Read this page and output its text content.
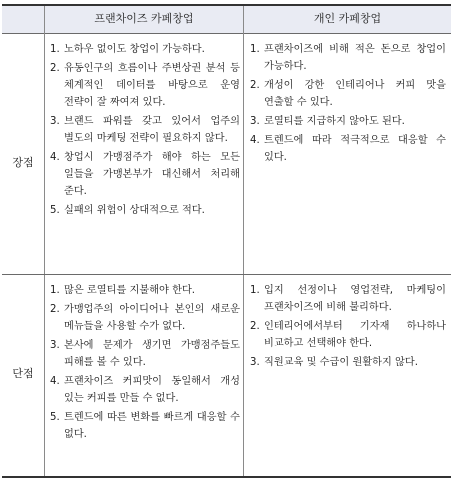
프랜차이즈 카페창업	개인 카페창업
장점
단점
1. 노하우 없이도 창업이 가능하다.
2. 유동인구의 흐름이나 주변상권 분석 등 체계적인 데이터를 바탕으로 운영 전략이 잘 짜여져 있다.
3. 브랜드 파워를 갖고 있어서 업주의 별도의 마케팅 전략이 필요하지 않다.
4. 창업시 가맹점주가 해야 하는 모든 일들을 가맹본부가 대신해서 처리해 준다.
5. 실패의 위험이 상대적으로 적다.
1. 프랜차이즈에 비해 적은 돈으로 창업이 가능하다.
2. 개성이 강한 인테리어나 커피 맛을 연출할 수 있다.
3. 로열티를 지급하지 않아도 된다.
4. 트렌드에 따라 적극적으로 대응할 수 있다.
1. 많은 로열티를 지불해야 한다.
2. 가맹업주의 아이디어나 본인의 새로운 메뉴들을 사용할 수가 없다.
3. 본사에 문제가 생기면 가맹점주들도 피해를 볼 수 있다.
4. 프랜차이즈 커피맛이 동일해서 개성 있는 커피를 만들 수 없다.
5. 트렌드에 따른 변화를 빠르게 대응할 수 없다.
1. 입지 선정이나 영업전략, 마케팅이 프랜차이즈에 비해 불리하다.
2. 인테리어에서부터 기자재 하나하나 비교하고 선택해야 한다.
3. 직원교육 및 수급이 원활하지 않다.
